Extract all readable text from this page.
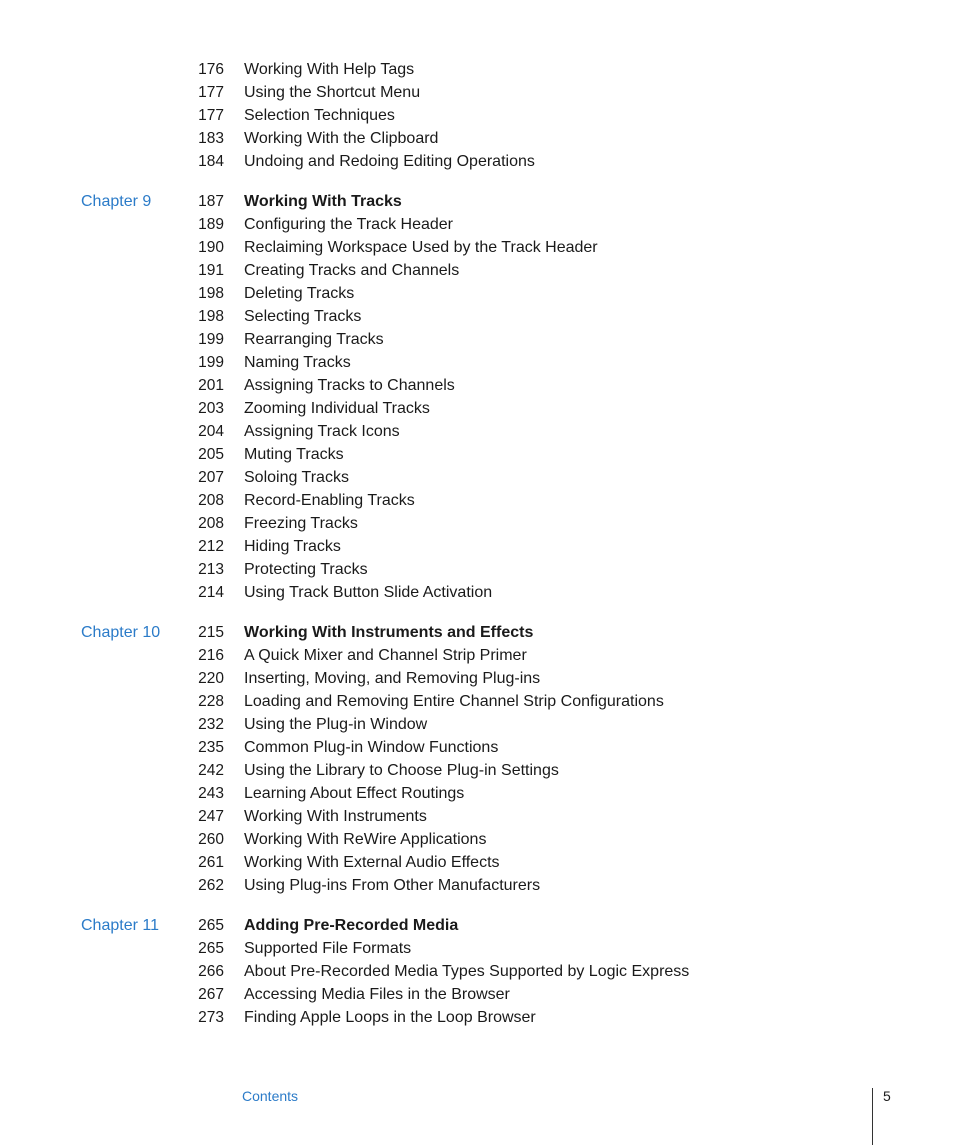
176 Working With Help Tags
177 Using the Shortcut Menu
177 Selection Techniques
183 Working With the Clipboard
184 Undoing and Redoing Editing Operations
Chapter 9	187 Working With Tracks
189 Configuring the Track Header
190 Reclaiming Workspace Used by the Track Header
191 Creating Tracks and Channels
198 Deleting Tracks
198 Selecting Tracks
199 Rearranging Tracks
199 Naming Tracks
201 Assigning Tracks to Channels
203 Zooming Individual Tracks
204 Assigning Track Icons
205 Muting Tracks
207 Soloing Tracks
208 Record-Enabling Tracks
208 Freezing Tracks
212 Hiding Tracks
213 Protecting Tracks
214 Using Track Button Slide Activation
Chapter 10 215 Working With Instruments and Effects
216 A Quick Mixer and Channel Strip Primer
220 Inserting, Moving, and Removing Plug-ins
228 Loading and Removing Entire Channel Strip Configurations
232 Using the Plug-in Window
235 Common Plug-in Window Functions
242 Using the Library to Choose Plug-in Settings
243 Learning About Effect Routings
247 Working With Instruments
260 Working With ReWire Applications
261 Working With External Audio Effects
262 Using Plug-ins From Other Manufacturers
Chapter 11	265 Adding Pre-Recorded Media
265 Supported File Formats
266 About Pre-Recorded Media Types Supported by Logic Express
267 Accessing Media Files in the Browser
273 Finding Apple Loops in the Loop Browser
Contents	5
